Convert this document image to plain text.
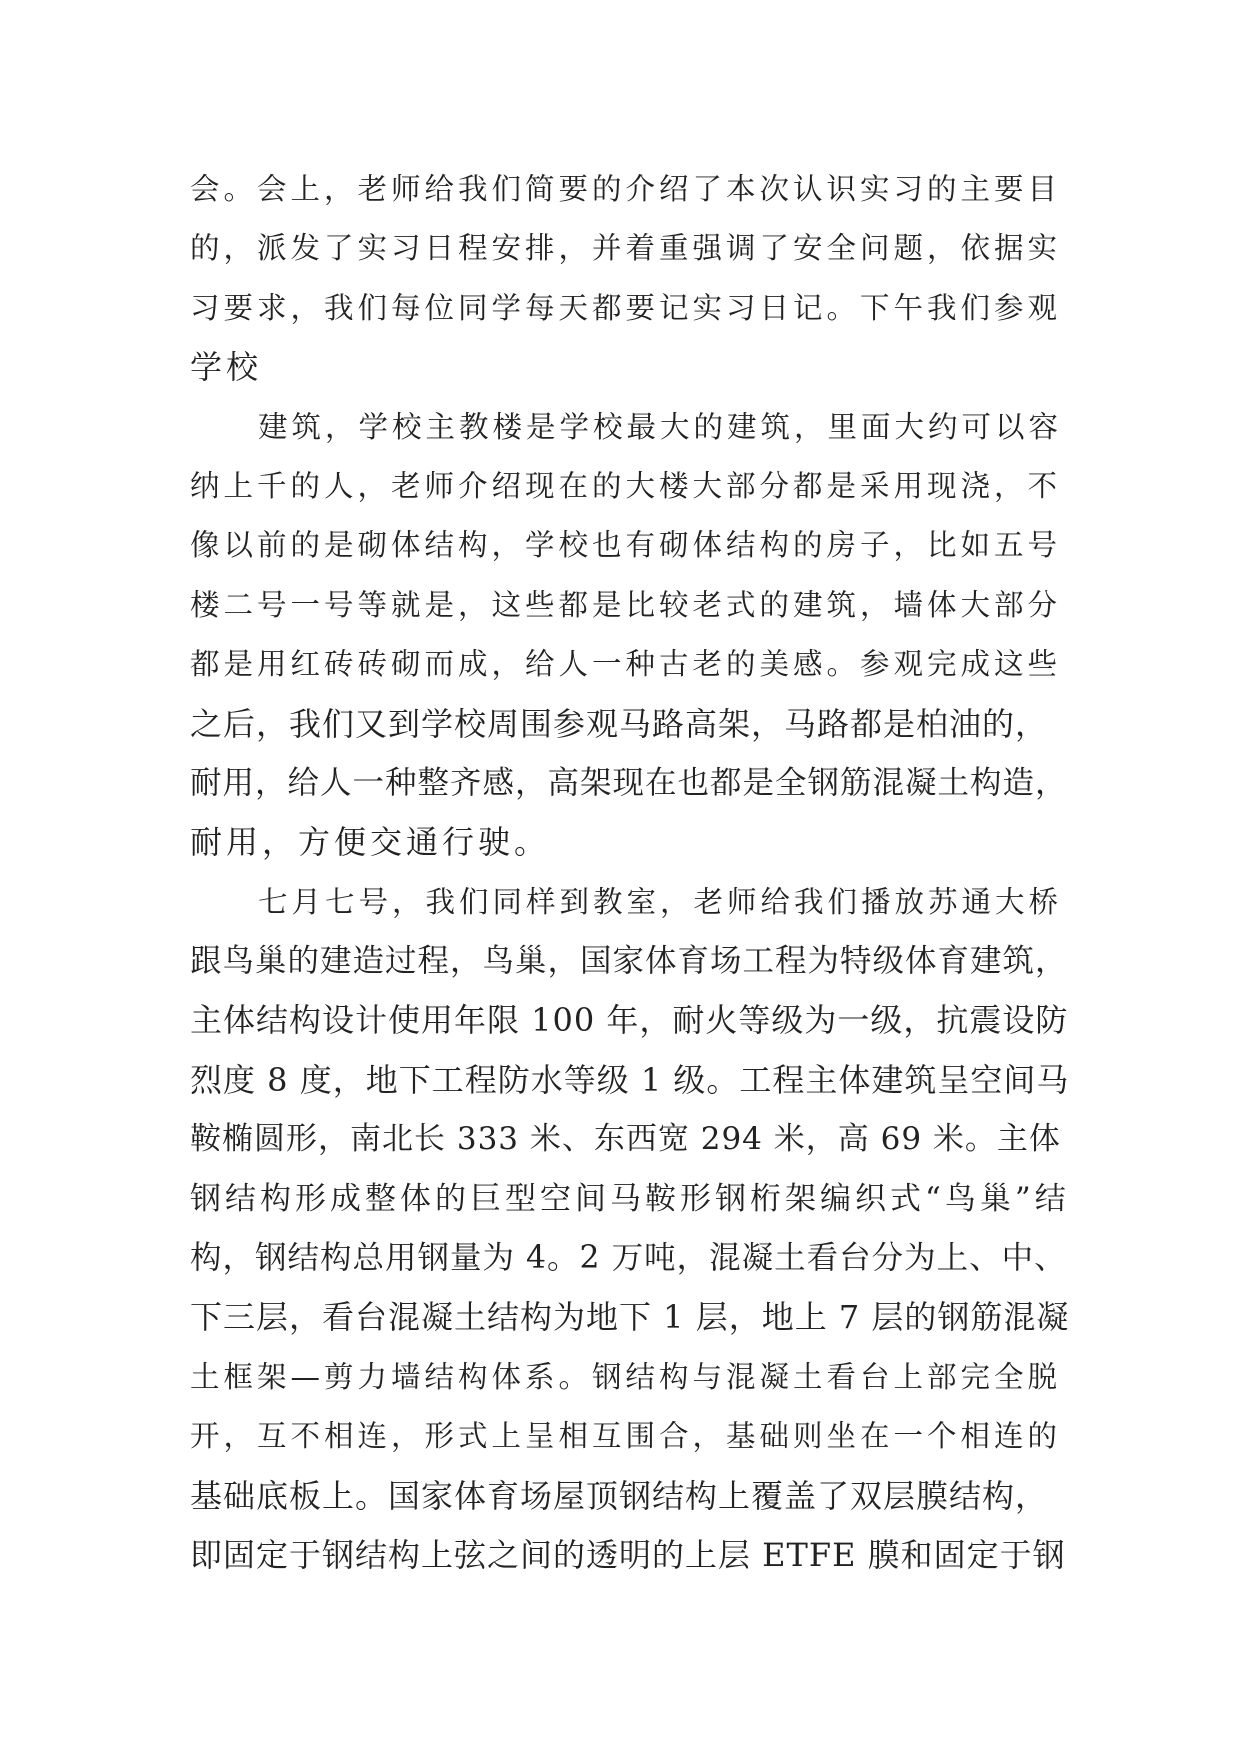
会。会上，老师给我们简要的介绍了本次认识实习的主要目
的，派发了实习日程安排，并着重强调了安全问题，依据实
习要求，我们每位同学每天都要记实习日记。下午我们参观
学校
建筑，学校主教楼是学校最大的建筑，里面大约可以容
纳上千的人，老师介绍现在的大楼大部分都是采用现浇，不
像以前的是砌体结构，学校也有砌体结构的房子，比如五号
楼二号一号等就是，这些都是比较老式的建筑，墙体大部分
都是用红砖砖砌而成，给人一种古老的美感。参观完成这些
之后，我们又到学校周围参观马路高架，马路都是柏油的，
耐用，给人一种整齐感，高架现在也都是全钢筋混凝土构造，
耐用，方便交通行驶。
七月七号，我们同样到教室，老师给我们播放苏通大桥
跟鸟巢的建造过程，鸟巢，国家体育场工程为特级体育建筑，
主体结构设计使用年限 100 年，耐火等级为一级，抗震设防
烈度 8 度，地下工程防水等级 1 级。工程主体建筑呈空间马
鞍椭圆形，南北长 333 米、东西宽 294 米，高 69 米。主体
钢结构形成整体的巨型空间马鞍形钢桁架编织式“鸟巢”结
构，钢结构总用钢量为 4。2 万吨，混凝土看台分为上、中、
下三层，看台混凝土结构为地下 1 层，地上 7 层的钢筋混凝
土框架—剪力墙结构体系。钢结构与混凝土看台上部完全脱
开，互不相连，形式上呈相互围合，基础则坐在一个相连的
基础底板上。国家体育场屋顶钢结构上覆盖了双层膜结构，
即固定于钢结构上弦之间的透明的上层 ETFE 膜和固定于钢
